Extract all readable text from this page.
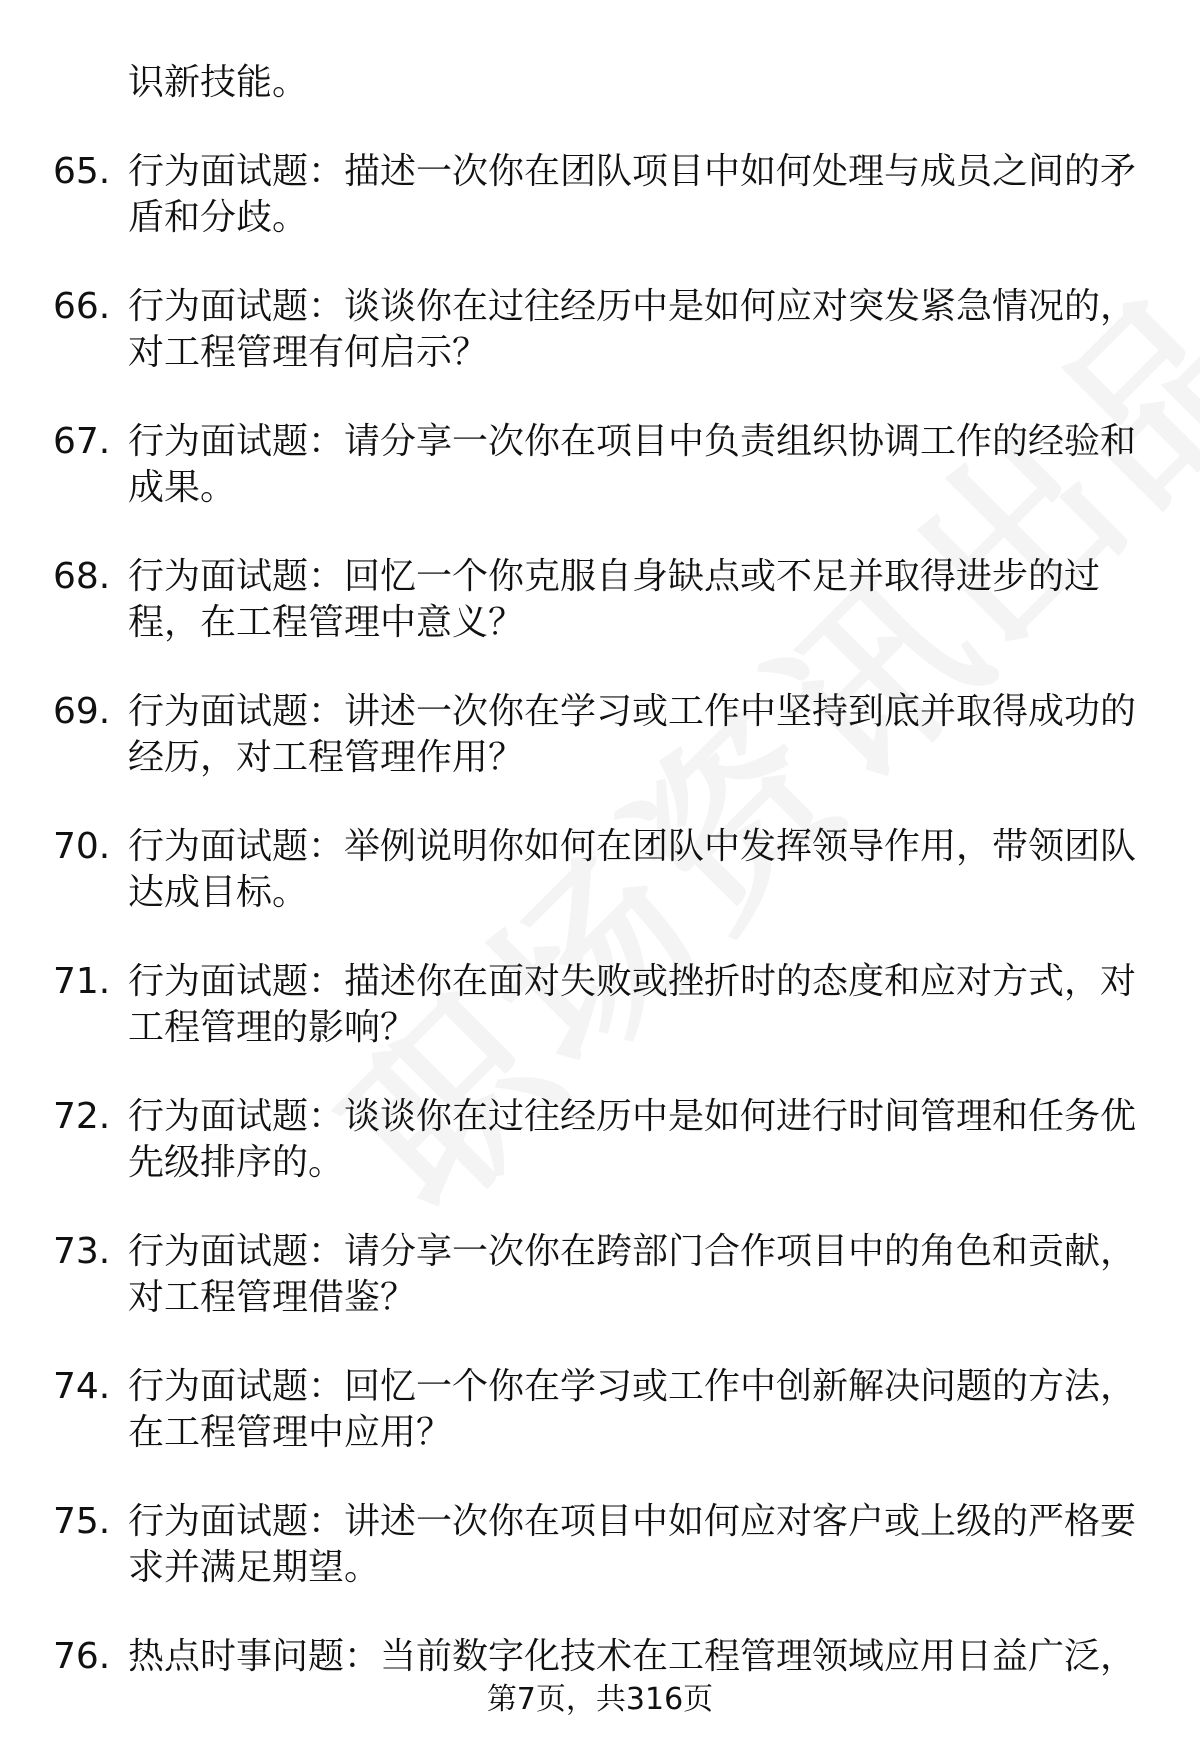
识新技能。
65. 行为面试题：描述一次你在团队项目中如何处理与成员之间的矛盾和分歧。
66. 行为面试题：谈谈你在过往经历中是如何应对突发紧急情况的，对工程管理有何启示？
67. 行为面试题：请分享一次你在项目中负责组织协调工作的经验和成果。
68. 行为面试题：回忆一个你克服自身缺点或不足并取得进步的过程，在工程管理中意义？
69. 行为面试题：讲述一次你在学习或工作中坚持到底并取得成功的经历，对工程管理作用？
70. 行为面试题：举例说明你如何在团队中发挥领导作用，带领团队达成目标。
71. 行为面试题：描述你在面对失败或挫折时的态度和应对方式，对工程管理的影响？
72. 行为面试题：谈谈你在过往经历中是如何进行时间管理和任务优先级排序的。
73. 行为面试题：请分享一次你在跨部门合作项目中的角色和贡献，对工程管理借鉴？
74. 行为面试题：回忆一个你在学习或工作中创新解决问题的方法，在工程管理中应用？
75. 行为面试题：讲述一次你在项目中如何应对客户或上级的严格要求并满足期望。
76. 热点时事问题：当前数字化技术在工程管理领域应用日益广泛，
第7页，共316页
